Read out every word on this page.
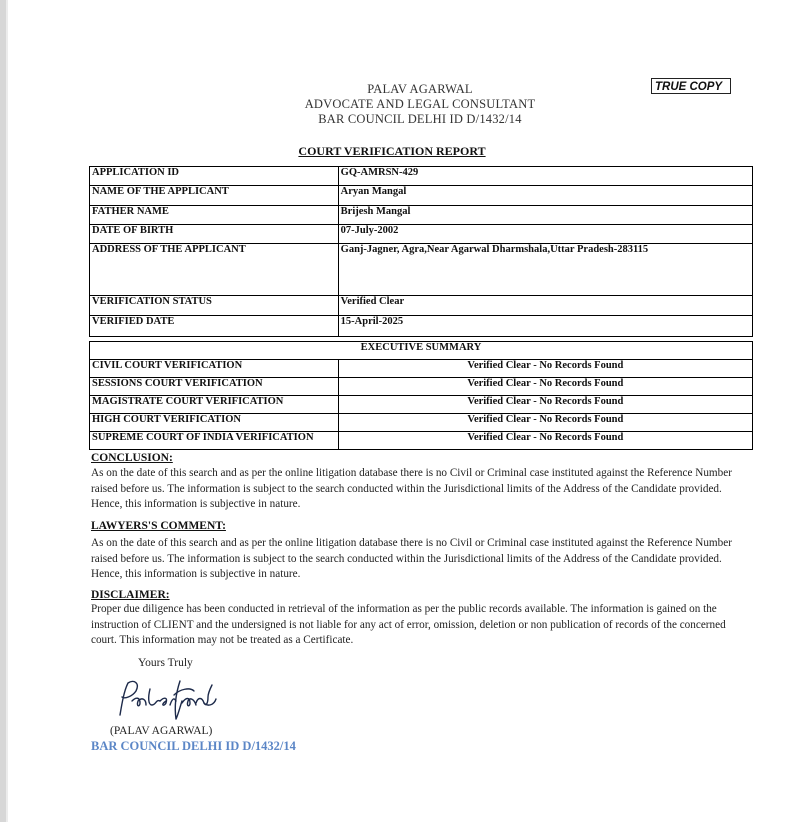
PALAV AGARWAL
ADVOCATE AND LEGAL CONSULTANT
BAR COUNCIL DELHI ID D/1432/14
TRUE COPY
COURT VERIFICATION REPORT
APPLICATION ID	GQ-AMRSN-429
NAME OF THE APPLICANT	Aryan Mangal
FATHER NAME	Brijesh Mangal
DATE OF BIRTH	07-July-2002
ADDRESS OF THE APPLICANT	Ganj-Jagner, Agra,Near Agarwal Dharmshala,Uttar Pradesh-283115
VERIFICATION STATUS	Verified Clear
VERIFIED DATE	15-April-2025
EXECUTIVE SUMMARY	
CIVIL COURT VERIFICATION	Verified Clear - No Records Found
SESSIONS COURT VERIFICATION	Verified Clear - No Records Found
MAGISTRATE COURT VERIFICATION	Verified Clear - No Records Found
HIGH COURT VERIFICATION	Verified Clear - No Records Found
SUPREME COURT OF INDIA VERIFICATION	Verified Clear - No Records Found
CONCLUSION:
As on the date of this search and as per the online litigation database there is no Civil or Criminal case instituted against the Reference Number raised before us. The information is subject to the search conducted within the Jurisdictional limits of the Address of the Candidate provided. Hence, this information is subjective in nature.
LAWYERS'S COMMENT:
As on the date of this search and as per the online litigation database there is no Civil or Criminal case instituted against the Reference Number raised before us. The information is subject to the search conducted within the Jurisdictional limits of the Address of the Candidate provided. Hence, this information is subjective in nature.
DISCLAIMER:
Proper due diligence has been conducted in retrieval of the information as per the public records available. The information is gained on the instruction of CLIENT and the undersigned is not liable for any act of error, omission, deletion or non publication of records of the concerned court. This information may not be treated as a Certificate.
Yours Truly
(PALAV AGARWAL)
BAR COUNCIL DELHI ID D/1432/14
